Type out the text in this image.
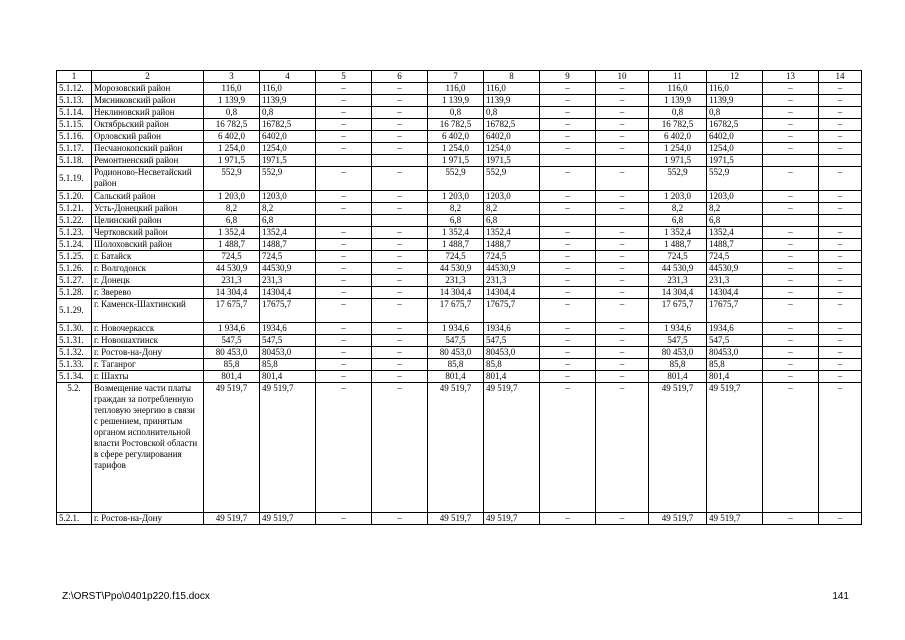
1	2	3	4	5	6	7	8	9	10	11	12	13	14
5.1.12.	Морозовский район	116,0	116,0	–	–	116,0	116,0	–	–	116,0	116,0	–	–
5.1.13.	Мясниковский район	1 139,9	1139,9	–	–	1 139,9	1139,9	–	–	1 139,9	1139,9	–	–
5.1.14.	Неклиновский район	0,8	0,8	–	–	0,8	0,8	–	–	0,8	0,8	–	–
5.1.15.	Октябрьский район	16 782,5	16782,5	–	–	16 782,5	16782,5	–	–	16 782,5	16782,5	–	–
5.1.16.	Орловский район	6 402,0	6402,0	–	–	6 402,0	6402,0	–	–	6 402,0	6402,0	–	–
5.1.17.	Песчанокопский район	1 254,0	1254,0	–	–	1 254,0	1254,0	–	–	1 254,0	1254,0	–	–
5.1.18.	Ремонтненский район	1 971,5	1971,5			1 971,5	1971,5			1 971,5	1971,5		
5.1.19.	Родионово-Несветайский район	552,9	552,9	–	–	552,9	552,9	–	–	552,9	552,9	–	–
5.1.20.	Сальский район	1 203,0	1203,0	–	–	1 203,0	1203,0	–	–	1 203,0	1203,0	–	–
5.1.21.	Усть-Донецкий район	8,2	8,2	–	–	8,2	8,2	–	–	8,2	8,2	–	–
5.1.22.	Целинский район	6,8	6,8			6,8	6,8			6,8	6,8		
5.1.23.	Чертковский район	1 352,4	1352,4	–	–	1 352,4	1352,4	–	–	1 352,4	1352,4	–	–
5.1.24.	Шолоховский район	1 488,7	1488,7	–	–	1 488,7	1488,7	–	–	1 488,7	1488,7	–	–
5.1.25.	г. Батайск	724,5	724,5	–	–	724,5	724,5	–	–	724,5	724,5	–	–
5.1.26.	г. Волгодонск	44 530,9	44530,9	–	–	44 530,9	44530,9	–	–	44 530,9	44530,9	–	–
5.1.27.	г. Донецк	231,3	231,3	–	–	231,3	231,3	–	–	231,3	231,3	–	–
5.1.28.	г. Зверево	14 304,4	14304,4	–	–	14 304,4	14304,4	–	–	14 304,4	14304,4	–	–
5.1.29.	г. Каменск-Шахтинский	17 675,7	17675,7	–	–	17 675,7	17675,7	–	–	17 675,7	17675,7	–	–
5.1.30.	г. Новочеркасск	1 934,6	1934,6	–	–	1 934,6	1934,6	–	–	1 934,6	1934,6	–	–
5.1.31.	г. Новошахтинск	547,5	547,5	–	–	547,5	547,5	–	–	547,5	547,5	–	–
5.1.32.	г. Ростов-на-Дону	80 453,0	80453,0	–	–	80 453,0	80453,0	–	–	80 453,0	80453,0	–	–
5.1.33.	г. Таганрог	85,8	85,8	–	–	85,8	85,8	–	–	85,8	85,8	–	–
5.1.34.	г. Шахты	801,4	801,4	–	–	801,4	801,4	–	–	801,4	801,4	–	–
5.2.	Возмещение части платы граждан за потребленную тепловую энергию в связи с решением, принятым органом исполнительной власти Ростовской области в сфере регулирования тарифов	49 519,7	49 519,7	–	–	49 519,7	49 519,7	–	–	49 519,7	49 519,7	–	–
5.2.1.	г. Ростов-на-Дону	49 519,7	49 519,7	–	–	49 519,7	49 519,7	–	–	49 519,7	49 519,7	–	–
Z:\ORST\Ppo\0401p220.f15.docx	141
